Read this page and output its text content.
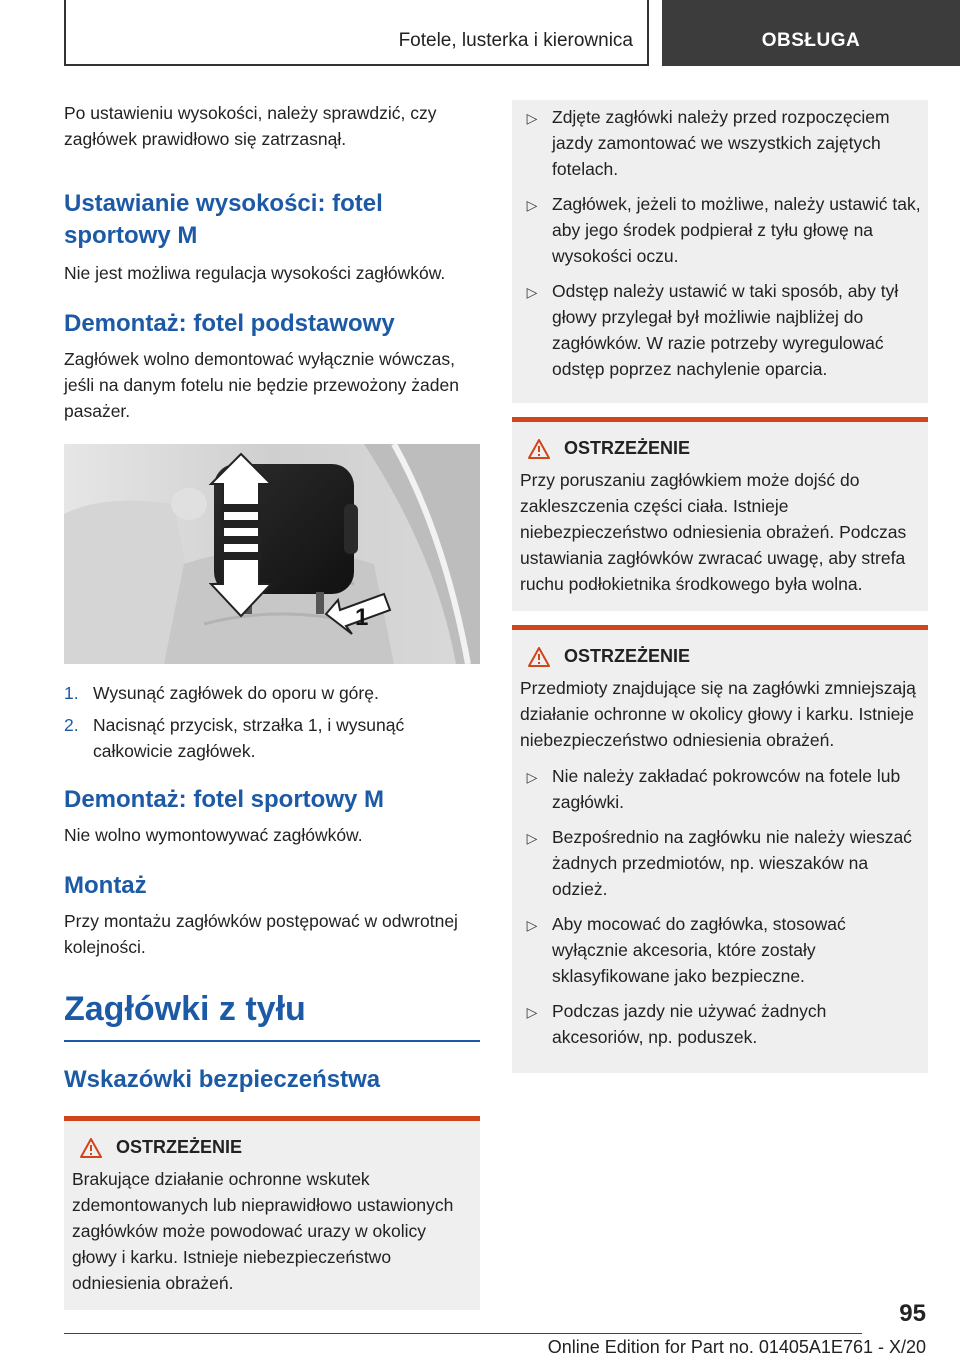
Fotele, lusterka i kierownica	OBSŁUGA

Po ustawieniu wysokości, należy sprawdzić, czy zagłówek prawidłowo się zatrzasnął.

Ustawianie wysokości: fotel sportowy M

Nie jest możliwa regulacja wysokości zagłówków.

Demontaż: fotel podstawowy

Zagłówek wolno demontować wyłącznie wówczas, jeśli na danym fotelu nie będzie przewożony żaden pasażer.

1
1. Wysunąć zagłówek do oporu w górę.
2. Nacisnąć przycisk, strzałka 1, i wysunąć całkowicie zagłówek.
Demontaż: fotel sportowy M

Nie wolno wymontowywać zagłówków.

Montaż

Przy montażu zagłówków postępować w odwrotnej kolejności.

Zagłówki z tyłu
Wskazówki bezpieczeństwa
OSTRZEŻENIE

Brakujące działanie ochronne wskutek zdemontowanych lub nieprawidłowo ustawionych zagłówków może powodować urazy w okolicy głowy i karku. Istnieje niebezpieczeństwo odniesienia obrażeń.

▷ Zdjęte zagłówki należy przed rozpoczęciem jazdy zamontować we wszystkich zajętych fotelach.
▷ Zagłówek, jeżeli to możliwe, należy ustawić tak, aby jego środek podpierał z tyłu głowę na wysokości oczu.
▷ Odstęp należy ustawić w taki sposób, aby tył głowy przylegał był możliwie najbliżej do zagłówków. W razie potrzeby wyregulować odstęp poprzez nachylenie oparcia.
OSTRZEŻENIE

Przy poruszaniu zagłówkiem może dojść do zakleszczenia części ciała. Istnieje niebezpieczeństwo odniesienia obrażeń. Podczas ustawiania zagłówków zwracać uwagę, aby strefa ruchu podłokietnika środkowego była wolna.

OSTRZEŻENIE

Przedmioty znajdujące się na zagłówki zmniejszają działanie ochronne w okolicy głowy i karku. Istnieje niebezpieczeństwo odniesienia obrażeń.

▷ Nie należy zakładać pokrowców na fotele lub zagłówki.
▷ Bezpośrednio na zagłówku nie należy wieszać żadnych przedmiotów, np. wieszaków na odzież.
▷ Aby mocować do zagłówka, stosować wyłącznie akcesoria, które zostały sklasyfikowane jako bezpieczne.
▷ Podczas jazdy nie używać żadnych akcesoriów, np. poduszek.
95
Online Edition for Part no. 01405A1E761 - X/20
